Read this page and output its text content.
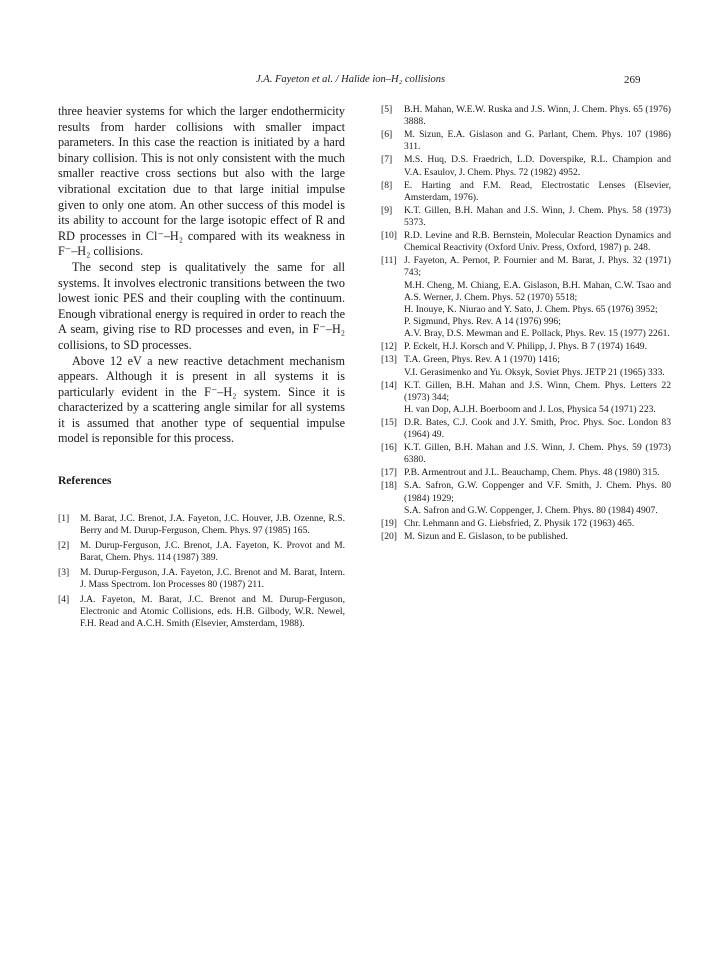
J.A. Fayeton et al. / Halide ion–H₂ collisions	269

three heavier systems for which the larger endothermicity results from harder collisions with smaller impact parameters. In this case the reaction is initiated by a hard binary collision. This is not only consistent with the much smaller reactive cross sections but also with the large vibrational excitation due to that large initial impulse given to only one atom. An other success of this model is its ability to account for the large isotopic effect of R and RD processes in Cl⁻–H₂ compared with its weakness in F⁻–H₂ collisions.

The second step is qualitatively the same for all systems. It involves electronic transitions between the two lowest ionic PES and their coupling with the continuum. Enough vibrational energy is required in order to reach the A seam, giving rise to RD processes and even, in F⁻–H₂ collisions, to SD processes.

Above 12 eV a new reactive detachment mechanism appears. Although it is present in all systems it is particularly evident in the F⁻–H₂ system. Since it is characterized by a scattering angle similar for all systems it is assumed that another type of sequential impulse model is reponsible for this process.

References
[1] M. Barat, J.C. Brenot, J.A. Fayeton, J.C. Houver, J.B. Ozenne, R.S. Berry and M. Durup-Ferguson, Chem. Phys. 97 (1985) 165.
[2] M. Durup-Ferguson, J.C. Brenot, J.A. Fayeton, K. Provot and M. Barat, Chem. Phys. 114 (1987) 389.
[3] M. Durup-Ferguson, J.A. Fayeton, J.C. Brenot and M. Barat, Intern. J. Mass Spectrom. Ion Processes 80 (1987) 211.
[4] J.A. Fayeton, M. Barat, J.C. Brenot and M. Durup-Ferguson, Electronic and Atomic Collisions, eds. H.B. Gilbody, W.R. Newel, F.H. Read and A.C.H. Smith (Elsevier, Amsterdam, 1988).
[5] B.H. Mahan, W.E.W. Ruska and J.S. Winn, J. Chem. Phys. 65 (1976) 3888.
[6] M. Sizun, E.A. Gislason and G. Parlant, Chem. Phys. 107 (1986) 311.
[7] M.S. Huq, D.S. Fraedrich, L.D. Doverspike, R.L. Champion and V.A. Esaulov, J. Chem. Phys. 72 (1982) 4952.
[8] E. Harting and F.M. Read, Electrostatic Lenses (Elsevier, Amsterdam, 1976).
[9] K.T. Gillen, B.H. Mahan and J.S. Winn, J. Chem. Phys. 58 (1973) 5373.
[10] R.D. Levine and R.B. Bernstein, Molecular Reaction Dynamics and Chemical Reactivity (Oxford Univ. Press, Oxford, 1987) p. 248.
[11] J. Fayeton, A. Pernot, P. Fournier and M. Barat, J. Phys. 32 (1971) 743;
M.H. Cheng, M. Chiang, E.A. Gislason, B.H. Mahan, C.W. Tsao and A.S. Werner, J. Chem. Phys. 52 (1970) 5518;
H. Inouye, K. Niurao and Y. Sato, J. Chem. Phys. 65 (1976) 3952;
P. Sigmund, Phys. Rev. A 14 (1976) 996;
A.V. Bray, D.S. Mewman and E. Pollack, Phys. Rev. 15 (1977) 2261.
[12] P. Eckelt, H.J. Korsch and V. Philipp, J. Phys. B 7 (1974) 1649.
[13] T.A. Green, Phys. Rev. A 1 (1970) 1416;
V.I. Gerasimenko and Yu. Oksyk, Soviet Phys. JETP 21 (1965) 333.
[14] K.T. Gillen, B.H. Mahan and J.S. Winn, Chem. Phys. Letters 22 (1973) 344;
H. van Dop, A.J.H. Boerboom and J. Los, Physica 54 (1971) 223.
[15] D.R. Bates, C.J. Cook and J.Y. Smith, Proc. Phys. Soc. London 83 (1964) 49.
[16] K.T. Gillen, B.H. Mahan and J.S. Winn, J. Chem. Phys. 59 (1973) 6380.
[17] P.B. Armentrout and J.L. Beauchamp, Chem. Phys. 48 (1980) 315.
[18] S.A. Safron, G.W. Coppenger and V.F. Smith, J. Chem. Phys. 80 (1984) 1929;
S.A. Safron and G.W. Coppenger, J. Chem. Phys. 80 (1984) 4907.
[19] Chr. Lehmann and G. Liebsfried, Z. Physik 172 (1963) 465.
[20] M. Sizun and E. Gislason, to be published.
